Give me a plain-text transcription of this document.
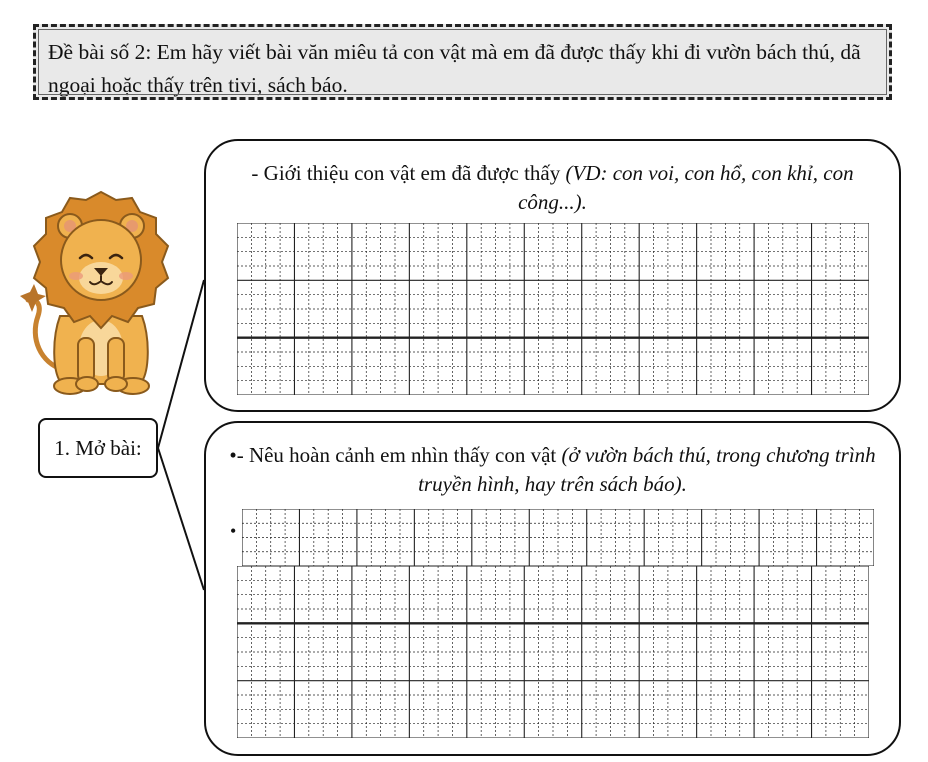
Đề bài số 2: Em hãy viết bài văn miêu tả con vật mà em đã được thấy khi đi vườn bách thú, dã ngoại hoặc thấy trên tivi, sách báo.
1. Mở bài:
- Giới thiệu con vật em đã được thấy (VD: con voi, con hổ, con khỉ, con công...).
•- Nêu hoàn cảnh em nhìn thấy con vật (ở vườn bách thú, trong chương trình truyền hình, hay trên sách báo).
•
